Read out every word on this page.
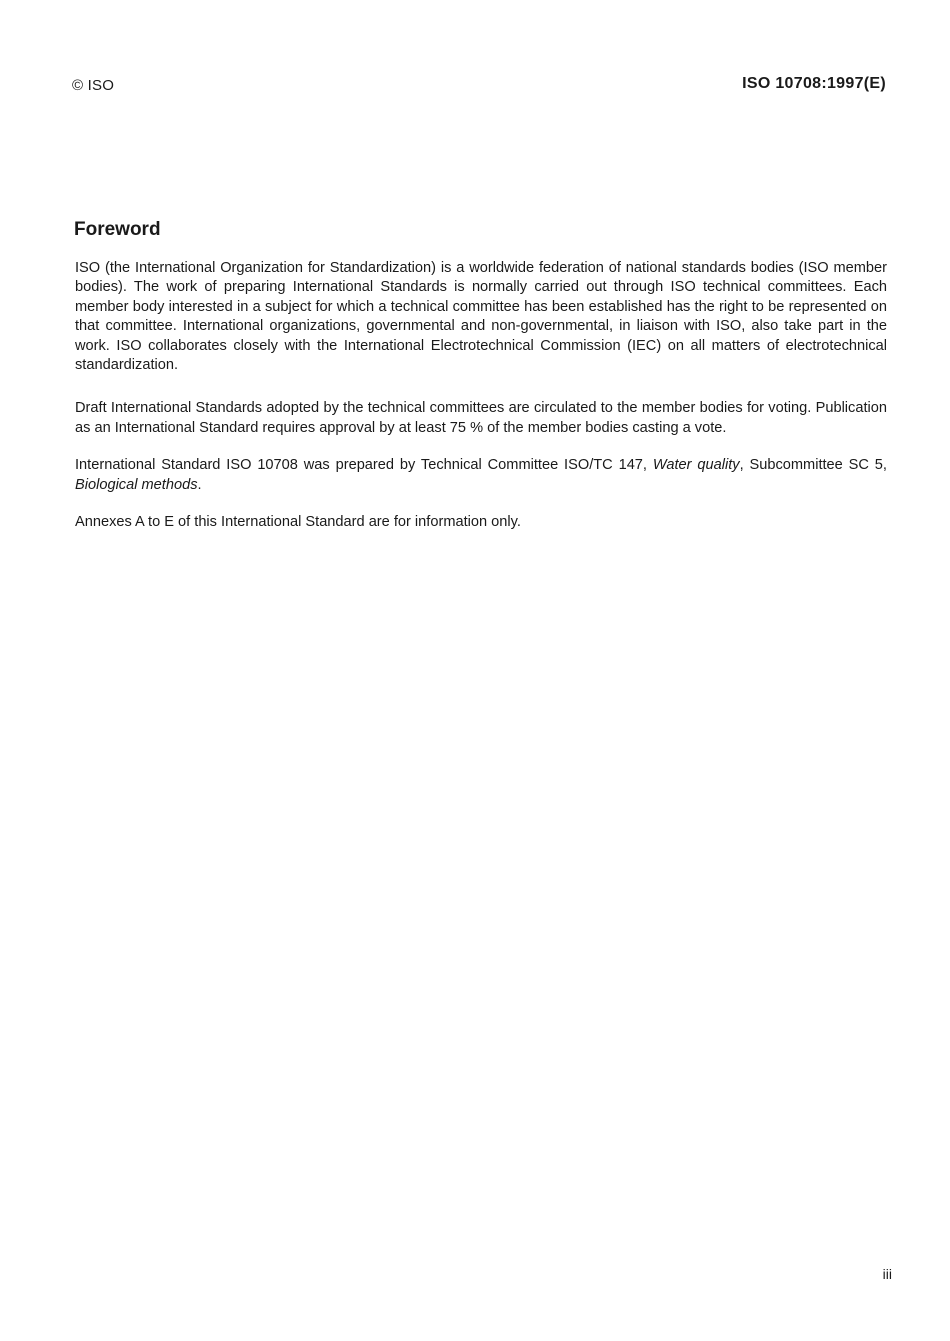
© ISO	ISO 10708:1997(E)
Foreword

ISO (the International Organization for Standardization) is a worldwide federation of national standards bodies (ISO member bodies). The work of preparing International Standards is normally carried out through ISO technical committees. Each member body interested in a subject for which a technical committee has been established has the right to be represented on that committee. International organizations, governmental and non-governmental, in liaison with ISO, also take part in the work. ISO collaborates closely with the International Electrotechnical Commission (IEC) on all matters of electrotechnical standardization.

Draft International Standards adopted by the technical committees are circulated to the member bodies for voting. Publication as an International Standard requires approval by at least 75 % of the member bodies casting a vote.

International Standard ISO 10708 was prepared by Technical Committee ISO/TC 147, Water quality, Subcommittee SC 5, Biological methods.

Annexes A to E of this International Standard are for information only.

iii
